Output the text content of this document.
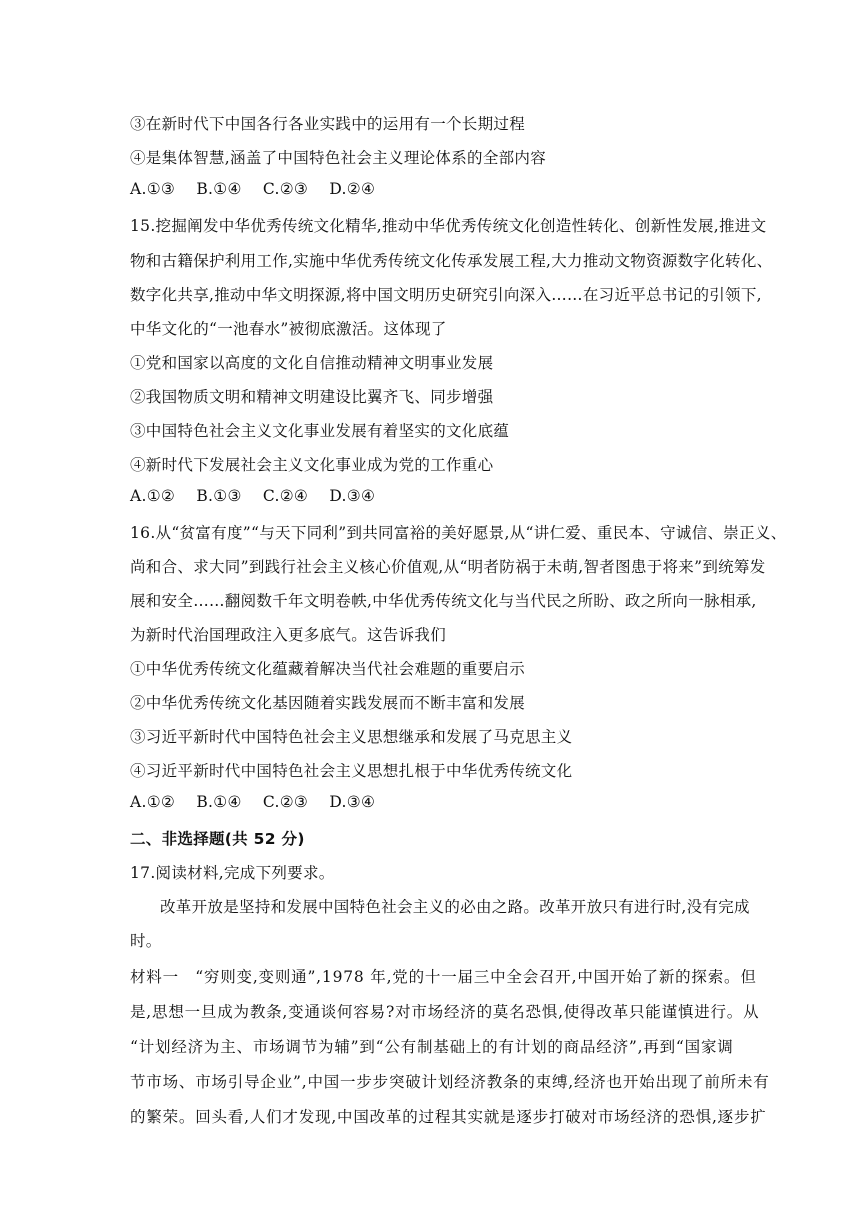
③在新时代下中国各行各业实践中的运用有一个长期过程
④是集体智慧,涵盖了中国特色社会主义理论体系的全部内容
A.①③ B.①④ C.②③ D.②④
15.挖掘阐发中华优秀传统文化精华,推动中华优秀传统文化创造性转化、创新性发展,推进文
物和古籍保护利用工作,实施中华优秀传统文化传承发展工程,大力推动文物资源数字化转化、
数字化共享,推动中华文明探源,将中国文明历史研究引向深入……在习近平总书记的引领下,
中华文化的“一池春水”被彻底激活。这体现了
①党和国家以高度的文化自信推动精神文明事业发展
②我国物质文明和精神文明建设比翼齐飞、同步增强
③中国特色社会主义文化事业发展有着坚实的文化底蕴
④新时代下发展社会主义文化事业成为党的工作重心
A.①② B.①③ C.②④ D.③④
16.从“贫富有度”“与天下同利”到共同富裕的美好愿景,从“讲仁爱、重民本、守诚信、崇正义、
尚和合、求大同”到践行社会主义核心价值观,从“明者防祸于未萌,智者图患于将来”到统筹发
展和安全……翻阅数千年文明卷帙,中华优秀传统文化与当代民之所盼、政之所向一脉相承,
为新时代治国理政注入更多底气。这告诉我们
①中华优秀传统文化蕴藏着解决当代社会难题的重要启示
②中华优秀传统文化基因随着实践发展而不断丰富和发展
③习近平新时代中国特色社会主义思想继承和发展了马克思主义
④习近平新时代中国特色社会主义思想扎根于中华优秀传统文化
A.①② B.①④ C.②③ D.③④
二、非选择题(共 52 分)
17.阅读材料,完成下列要求。
改革开放是坚持和发展中国特色社会主义的必由之路。改革开放只有进行时,没有完成
时。
材料一　“穷则变,变则通”,1978 年,党的十一届三中全会召开,中国开始了新的探索。但
是,思想一旦成为教条,变通谈何容易?对市场经济的莫名恐惧,使得改革只能谨慎进行。从
“计划经济为主、市场调节为辅”到“公有制基础上的有计划的商品经济”,再到“国家调
节市场、市场引导企业”,中国一步步突破计划经济教条的束缚,经济也开始出现了前所未有
的繁荣。回头看,人们才发现,中国改革的过程其实就是逐步打破对市场经济的恐惧,逐步扩
